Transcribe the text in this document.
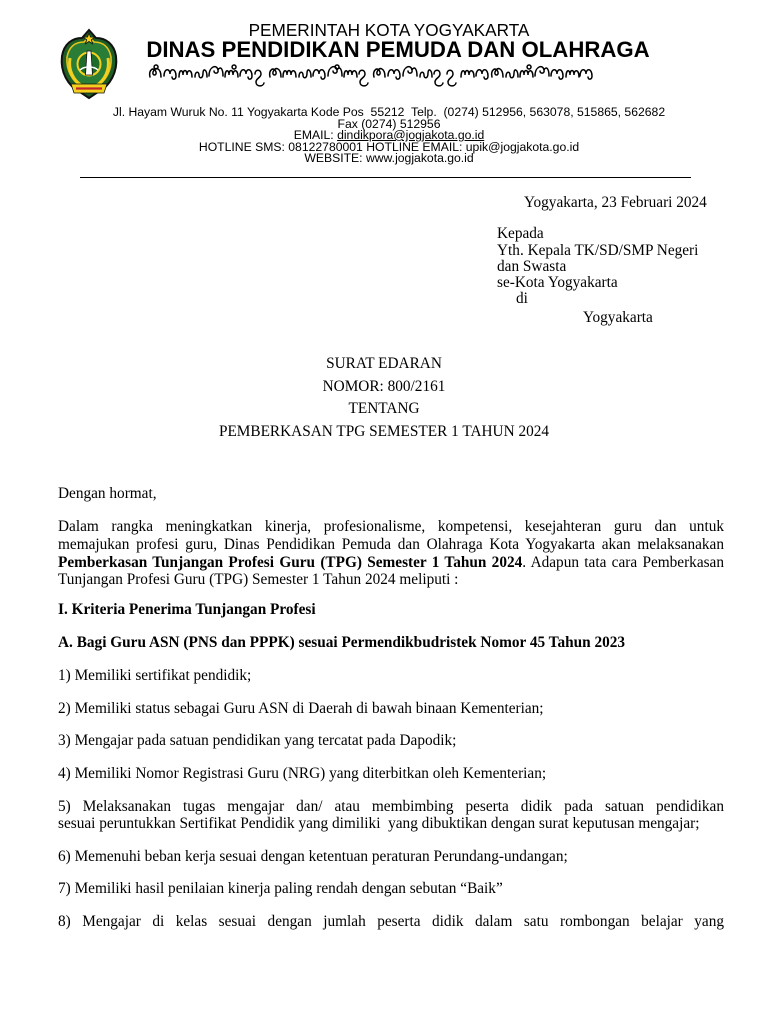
PEMERINTAH KOTA YOGYAKARTA
DINAS PENDIDIKAN PEMUDA DAN OLAHRAGA
Jl. Hayam Wuruk No. 11 Yogyakarta Kode Pos  55212  Telp.  (0274) 512956, 563078, 515865, 562682
Fax (0274) 512956
EMAIL: dindikpora@jogjakota.go.id
HOTLINE SMS: 08122780001 HOTLINE EMAIL: upik@jogjakota.go.id
WEBSITE: www.jogjakota.go.id
Yogyakarta, 23 Februari 2024
Kepada
Yth. Kepala TK/SD/SMP Negeri
dan Swasta
se-Kota Yogyakarta
di
Yogyakarta
SURAT EDARAN
NOMOR: 800/2161
TENTANG
PEMBERKASAN TPG SEMESTER 1 TAHUN 2024
Dengan hormat,
Dalam rangka meningkatkan kinerja, profesionalisme, kompetensi, kesejahteran guru dan untuk
memajukan profesi guru, Dinas Pendidikan Pemuda dan Olahraga Kota Yogyakarta akan melaksanakan
Pemberkasan Tunjangan Profesi Guru (TPG) Semester 1 Tahun 2024. Adapun tata cara Pemberkasan
Tunjangan Profesi Guru (TPG) Semester 1 Tahun 2024 meliputi :
I. Kriteria Penerima Tunjangan Profesi
A. Bagi Guru ASN (PNS dan PPPK) sesuai Permendikbudristek Nomor 45 Tahun 2023
1) Memiliki sertifikat pendidik;
2) Memiliki status sebagai Guru ASN di Daerah di bawah binaan Kementerian;
3) Mengajar pada satuan pendidikan yang tercatat pada Dapodik;
4) Memiliki Nomor Registrasi Guru (NRG) yang diterbitkan oleh Kementerian;
5) Melaksanakan tugas mengajar dan/ atau membimbing peserta didik pada satuan pendidikan
sesuai peruntukkan Sertifikat Pendidik yang dimiliki  yang dibuktikan dengan surat keputusan mengajar;
6) Memenuhi beban kerja sesuai dengan ketentuan peraturan Perundang-undangan;
7) Memiliki hasil penilaian kinerja paling rendah dengan sebutan “Baik”
8) Mengajar di kelas sesuai dengan jumlah peserta didik dalam satu rombongan belajar yang
